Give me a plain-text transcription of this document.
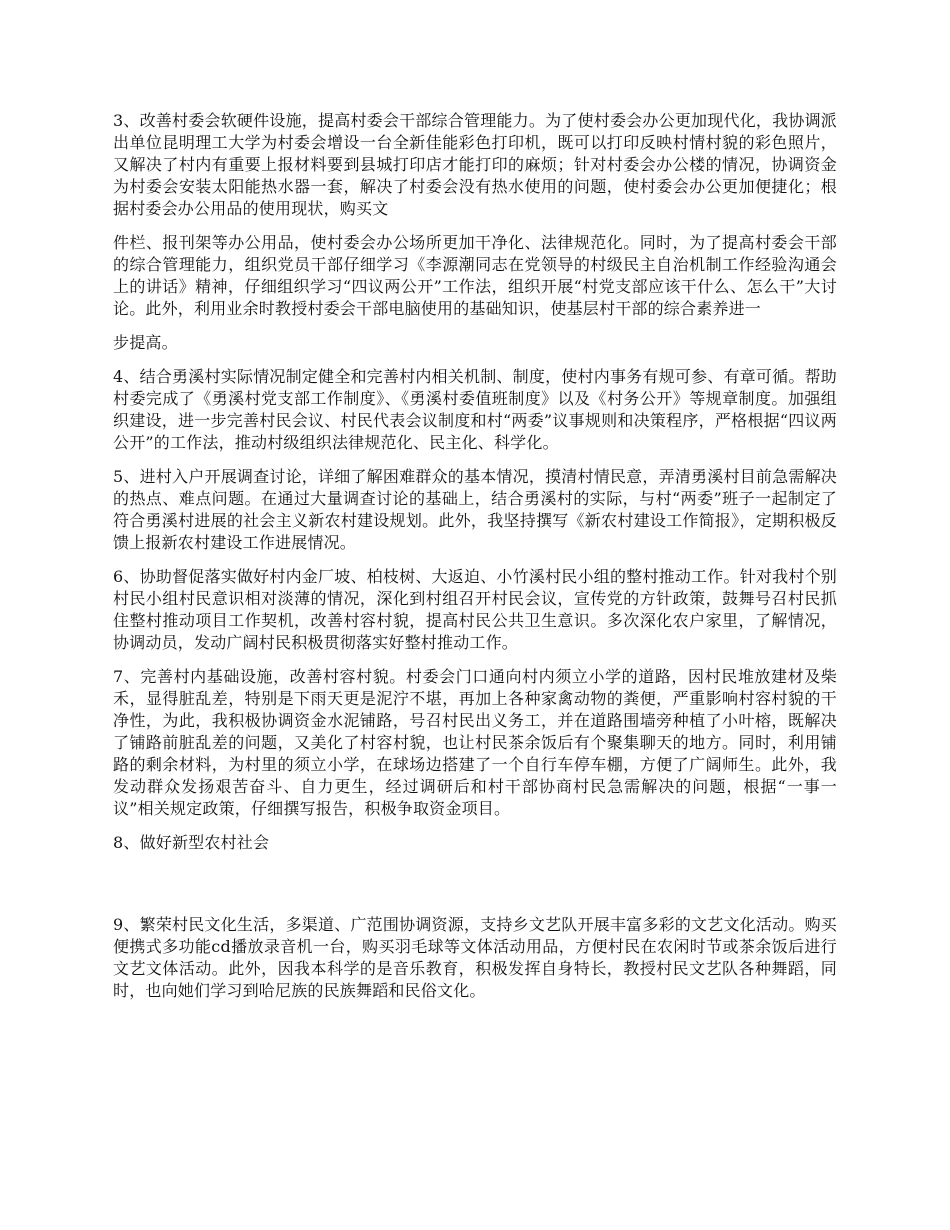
3、改善村委会软硬件设施，提高村委会干部综合管理能力。为了使村委会办公更加现代化，我协调派出单位昆明理工大学为村委会增设一台全新佳能彩色打印机，既可以打印反映村情村貌的彩色照片，又解决了村内有重要上报材料要到县城打印店才能打印的麻烦；针对村委会办公楼的情况，协调资金为村委会安装太阳能热水器一套，解决了村委会没有热水使用的问题，使村委会办公更加便捷化；根据村委会办公用品的使用现状，购买文

件栏、报刊架等办公用品，使村委会办公场所更加干净化、法律规范化。同时，为了提高村委会干部的综合管理能力，组织党员干部仔细学习《李源潮同志在党领导的村级民主自治机制工作经验沟通会上的讲话》精神，仔细组织学习“四议两公开”工作法，组织开展“村党支部应该干什么、怎么干”大讨论。此外，利用业余时教授村委会干部电脑使用的基础知识，使基层村干部的综合素养进一

步提高。

4、结合勇溪村实际情况制定健全和完善村内相关机制、制度，使村内事务有规可参、有章可循。帮助村委完成了《勇溪村党支部工作制度》、《勇溪村委值班制度》以及《村务公开》等规章制度。加强组织建设，进一步完善村民会议、村民代表会议制度和村“两委”议事规则和决策程序，严格根据“四议两公开”的工作法，推动村级组织法律规范化、民主化、科学化。

5、进村入户开展调查讨论，详细了解困难群众的基本情况，摸清村情民意，弄清勇溪村目前急需解决的热点、难点问题。在通过大量调查讨论的基础上，结合勇溪村的实际，与村“两委”班子一起制定了符合勇溪村进展的社会主义新农村建设规划。此外，我坚持撰写《新农村建设工作简报》，定期积极反馈上报新农村建设工作进展情况。

6、协助督促落实做好村内金厂坡、柏枝树、大返迫、小竹溪村民小组的整村推动工作。针对我村个别村民小组村民意识相对淡薄的情况，深化到村组召开村民会议，宣传党的方针政策，鼓舞号召村民抓住整村推动项目工作契机，改善村容村貌，提高村民公共卫生意识。多次深化农户家里，了解情况，协调动员，发动广阔村民积极贯彻落实好整村推动工作。

7、完善村内基础设施，改善村容村貌。村委会门口通向村内须立小学的道路，因村民堆放建材及柴禾，显得脏乱差，特别是下雨天更是泥泞不堪，再加上各种家禽动物的粪便，严重影响村容村貌的干净性，为此，我积极协调资金水泥铺路，号召村民出义务工，并在道路围墙旁种植了小叶榕，既解决了铺路前脏乱差的问题，又美化了村容村貌，也让村民茶余饭后有个聚集聊天的地方。同时，利用铺路的剩余材料，为村里的须立小学，在球场边搭建了一个自行车停车棚，方便了广阔师生。此外，我发动群众发扬艰苦奋斗、自力更生，经过调研后和村干部协商村民急需解决的问题，根据“一事一议”相关规定政策，仔细撰写报告，积极争取资金项目。

8、做好新型农村社会

9、繁荣村民文化生活，多渠道、广范围协调资源，支持乡文艺队开展丰富多彩的文艺文化活动。购买便携式多功能cd播放录音机一台，购买羽毛球等文体活动用品，方便村民在农闲时节或茶余饭后进行文艺文体活动。此外，因我本科学的是音乐教育，积极发挥自身特长，教授村民文艺队各种舞蹈，同时，也向她们学习到哈尼族的民族舞蹈和民俗文化。
